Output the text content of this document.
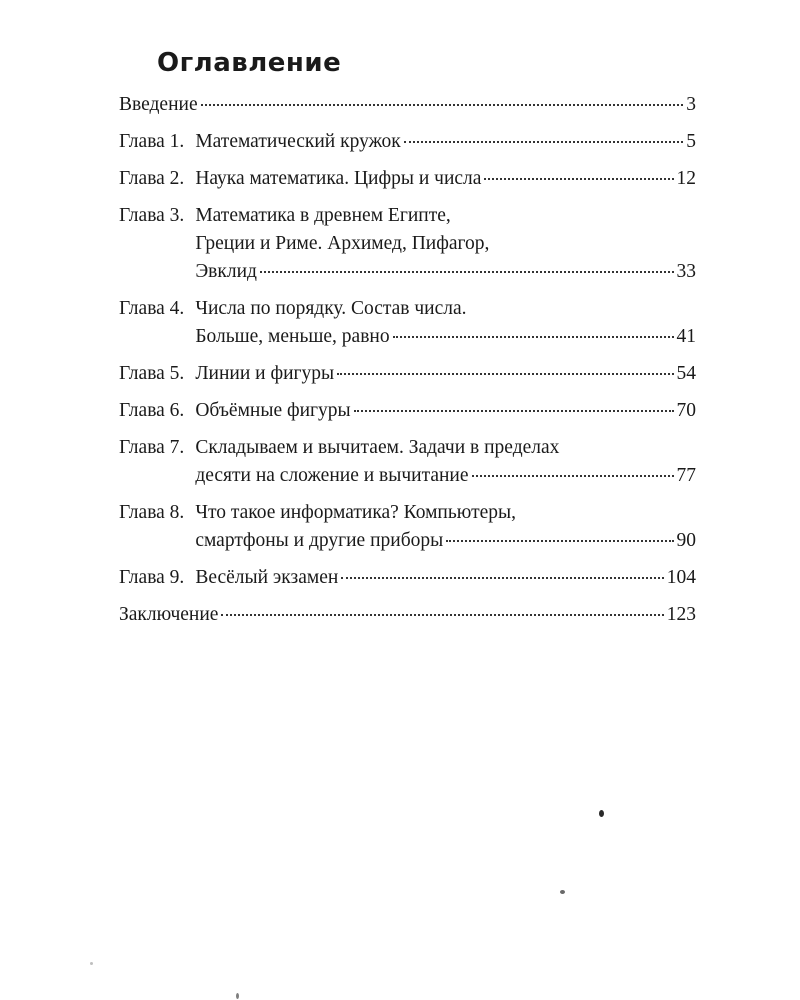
Оглавление
Введение	3
Глава 1. Математический кружок	5
Глава 2. Наука математика. Цифры и числа	12
Глава 3. Математика в древнем Египте,
Греции и Риме. Архимед, Пифагор,
Эвклид	33
Глава 4. Числа по порядку. Состав числа.
Больше, меньше, равно	41
Глава 5. Линии и фигуры	54
Глава 6. Объёмные фигуры	70
Глава 7. Складываем и вычитаем. Задачи в пределах
десяти на сложение и вычитание	77
Глава 8. Что такое информатика? Компьютеры,
смартфоны и другие приборы	90
Глава 9. Весёлый экзамен	104
Заключение	123
